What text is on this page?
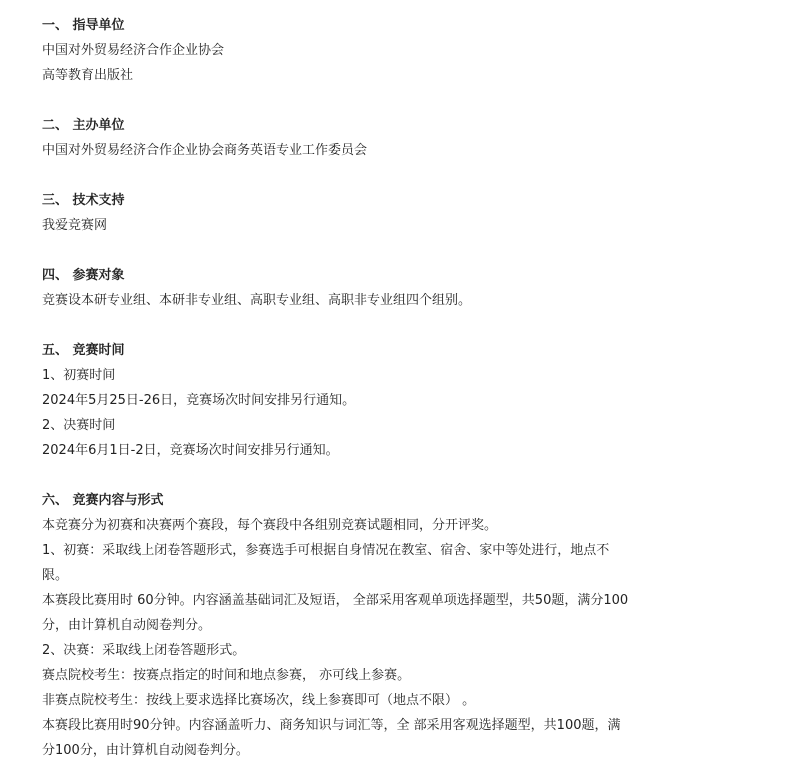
一、 指导单位
中国对外贸易经济合作企业协会
高等教育出版社
二、 主办单位
中国对外贸易经济合作企业协会商务英语专业工作委员会
三、 技术支持
我爱竞赛网
四、 参赛对象
竞赛设本研专业组、本研非专业组、高职专业组、高职非专业组四个组别。
五、 竞赛时间
1、初赛时间
2024年5月25日-26日，竞赛场次时间安排另行通知。
2、决赛时间
2024年6月1日-2日，竞赛场次时间安排另行通知。
六、 竞赛内容与形式
本竞赛分为初赛和决赛两个赛段，每个赛段中各组别竞赛试题相同，分开评奖。
1、初赛：采取线上闭卷答题形式，参赛选手可根据自身情况在教室、宿舍、家中等处进行，地点不
限。
本赛段比赛用时 60分钟。内容涵盖基础词汇及短语， 全部采用客观单项选择题型，共50题，满分100
分，由计算机自动阅卷判分。
2、决赛：采取线上闭卷答题形式。
赛点院校考生：按赛点指定的时间和地点参赛， 亦可线上参赛。
非赛点院校考生：按线上要求选择比赛场次，线上参赛即可（地点不限） 。
本赛段比赛用时90分钟。内容涵盖听力、商务知识与词汇等，全 部采用客观选择题型，共100题，满
分100分，由计算机自动阅卷判分。
